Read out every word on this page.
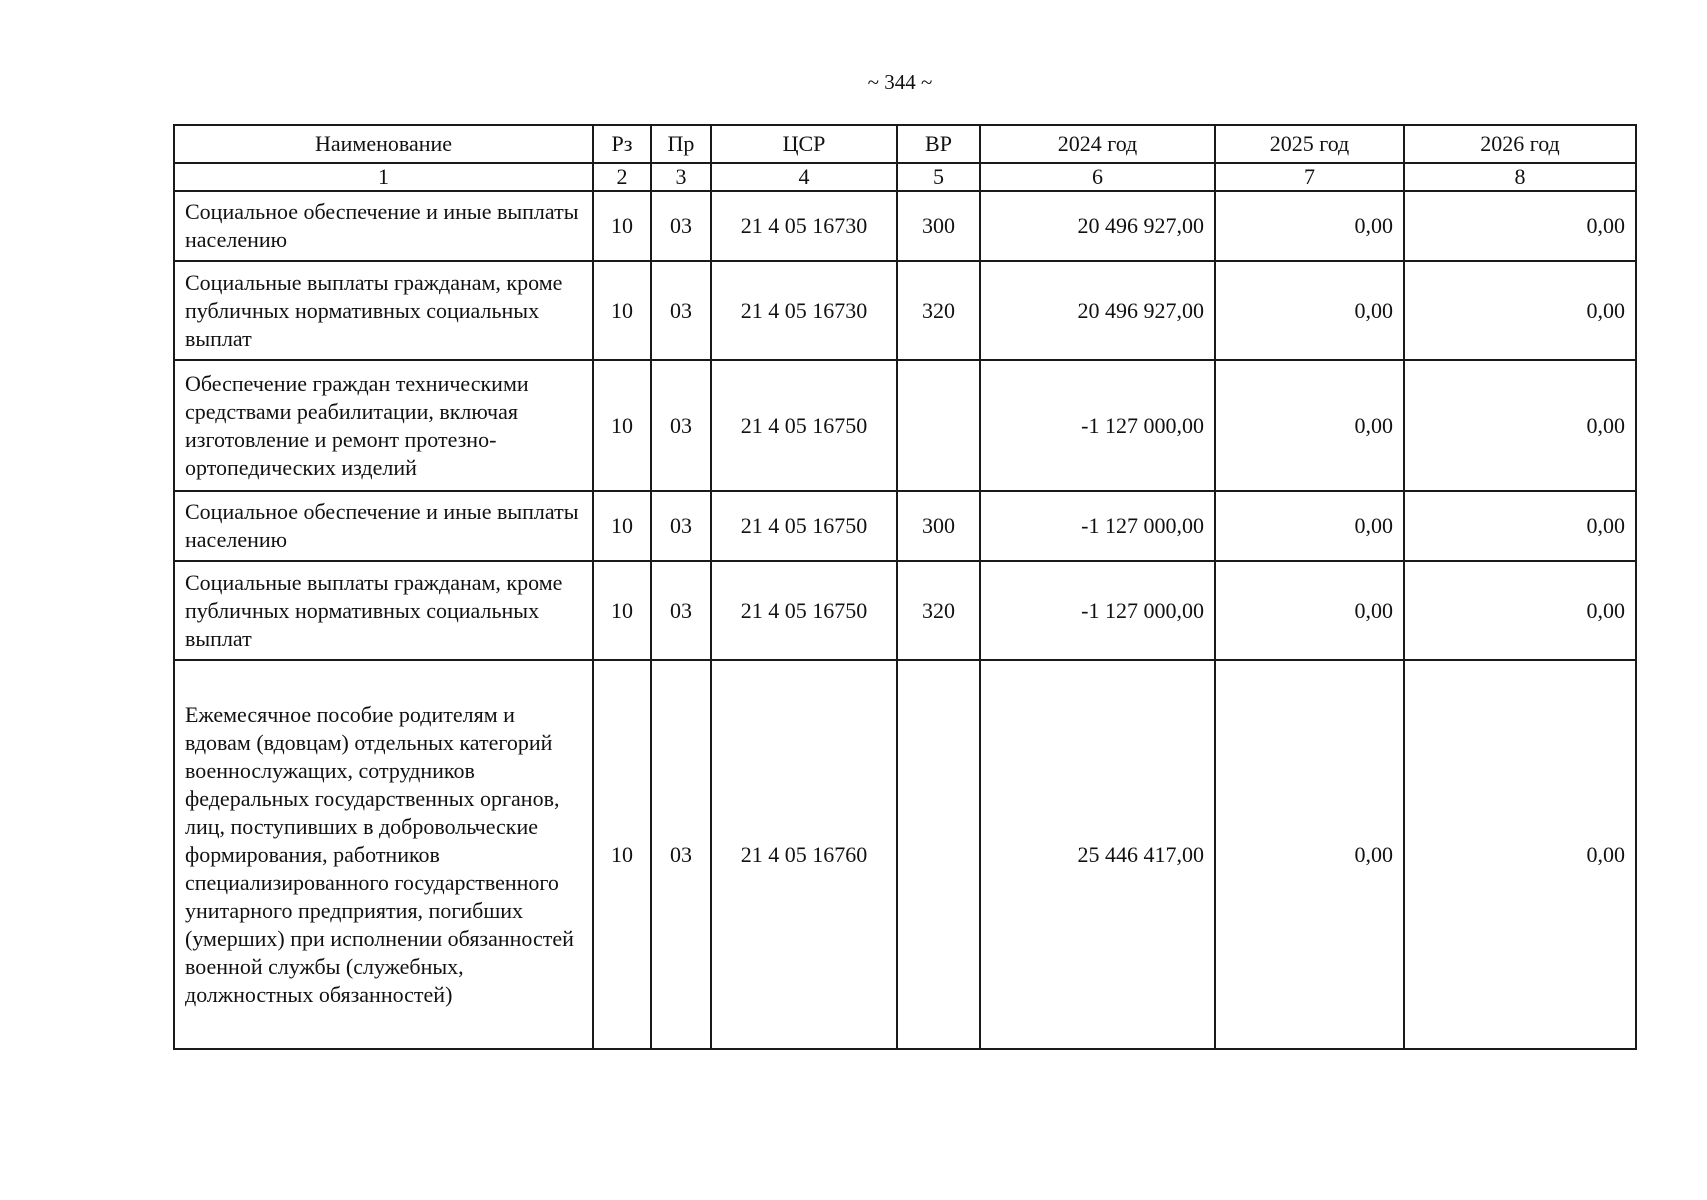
~ 344 ~
Наименование	Рз	Пр	ЦСР	ВР	2024 год	2025 год	2026 год
1	2	3	4	5	6	7	8
Социальное обеспечение и иные выплаты населению	10	03	21 4 05 16730	300	20 496 927,00	0,00	0,00
Социальные выплаты гражданам, кроме публичных нормативных социальных выплат	10	03	21 4 05 16730	320	20 496 927,00	0,00	0,00
Обеспечение граждан техническими средствами реабилитации, включая изготовление и ремонт протезно-ортопедических изделий	10	03	21 4 05 16750		-1 127 000,00	0,00	0,00
Социальное обеспечение и иные выплаты населению	10	03	21 4 05 16750	300	-1 127 000,00	0,00	0,00
Социальные выплаты гражданам, кроме публичных нормативных социальных выплат	10	03	21 4 05 16750	320	-1 127 000,00	0,00	0,00
Ежемесячное пособие родителям и вдовам (вдовцам) отдельных категорий военнослужащих, сотрудников федеральных государственных органов, лиц, поступивших в добровольческие формирования, работников специализированного государственного унитарного предприятия, погибших (умерших) при исполнении обязанностей военной службы (служебных, должностных обязанностей)	10	03	21 4 05 16760		25 446 417,00	0,00	0,00
